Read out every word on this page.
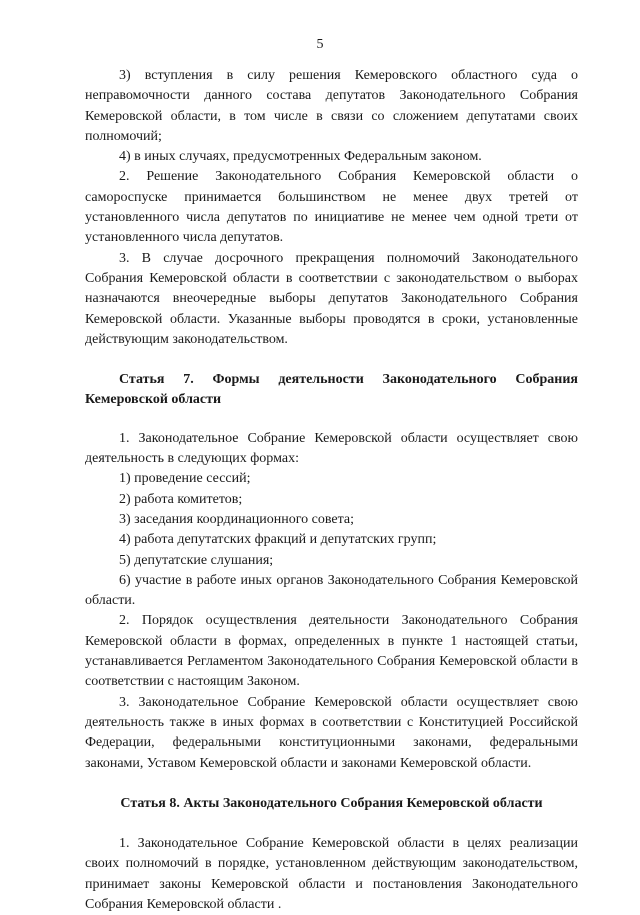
5

3) вступления в силу решения Кемеровского областного суда о неправомочности данного состава депутатов Законодательного Собрания Кемеровской области, в том числе в связи со сложением депутатами своих полномочий;

4) в иных случаях, предусмотренных Федеральным законом.

2. Решение Законодательного Собрания Кемеровской области о самороспуске принимается большинством не менее двух третей от установленного числа депутатов по инициативе не менее чем одной трети от установленного числа депутатов.

3. В случае досрочного прекращения полномочий Законодательного Собрания Кемеровской области в соответствии с законодательством о выборах назначаются внеочередные выборы депутатов Законодательного Собрания Кемеровской области. Указанные выборы проводятся в сроки, установленные действующим законодательством.

Статья 7. Формы деятельности Законодательного Собрания Кемеровской области

1. Законодательное Собрание Кемеровской области осуществляет свою деятельность в следующих формах:

1) проведение сессий;

2) работа комитетов;

3) заседания координационного совета;

4) работа депутатских фракций и депутатских групп;

5) депутатские слушания;

6) участие в работе иных органов Законодательного Собрания Кемеровской области.

2. Порядок осуществления деятельности Законодательного Собрания Кемеровской области в формах, определенных в пункте 1 настоящей статьи, устанавливается Регламентом Законодательного Собрания Кемеровской области в соответствии с настоящим Законом.

3. Законодательное Собрание Кемеровской области осуществляет свою деятельность также в иных формах в соответствии с Конституцией Российской Федерации, федеральными конституционными законами, федеральными законами, Уставом Кемеровской области и законами Кемеровской области.

Статья 8. Акты Законодательного Собрания Кемеровской области

1. Законодательное Собрание Кемеровской области в целях реализации своих полномочий в порядке, установленном действующим законодательством, принимает законы Кемеровской области и постановления Законодательного Собрания Кемеровской области .
